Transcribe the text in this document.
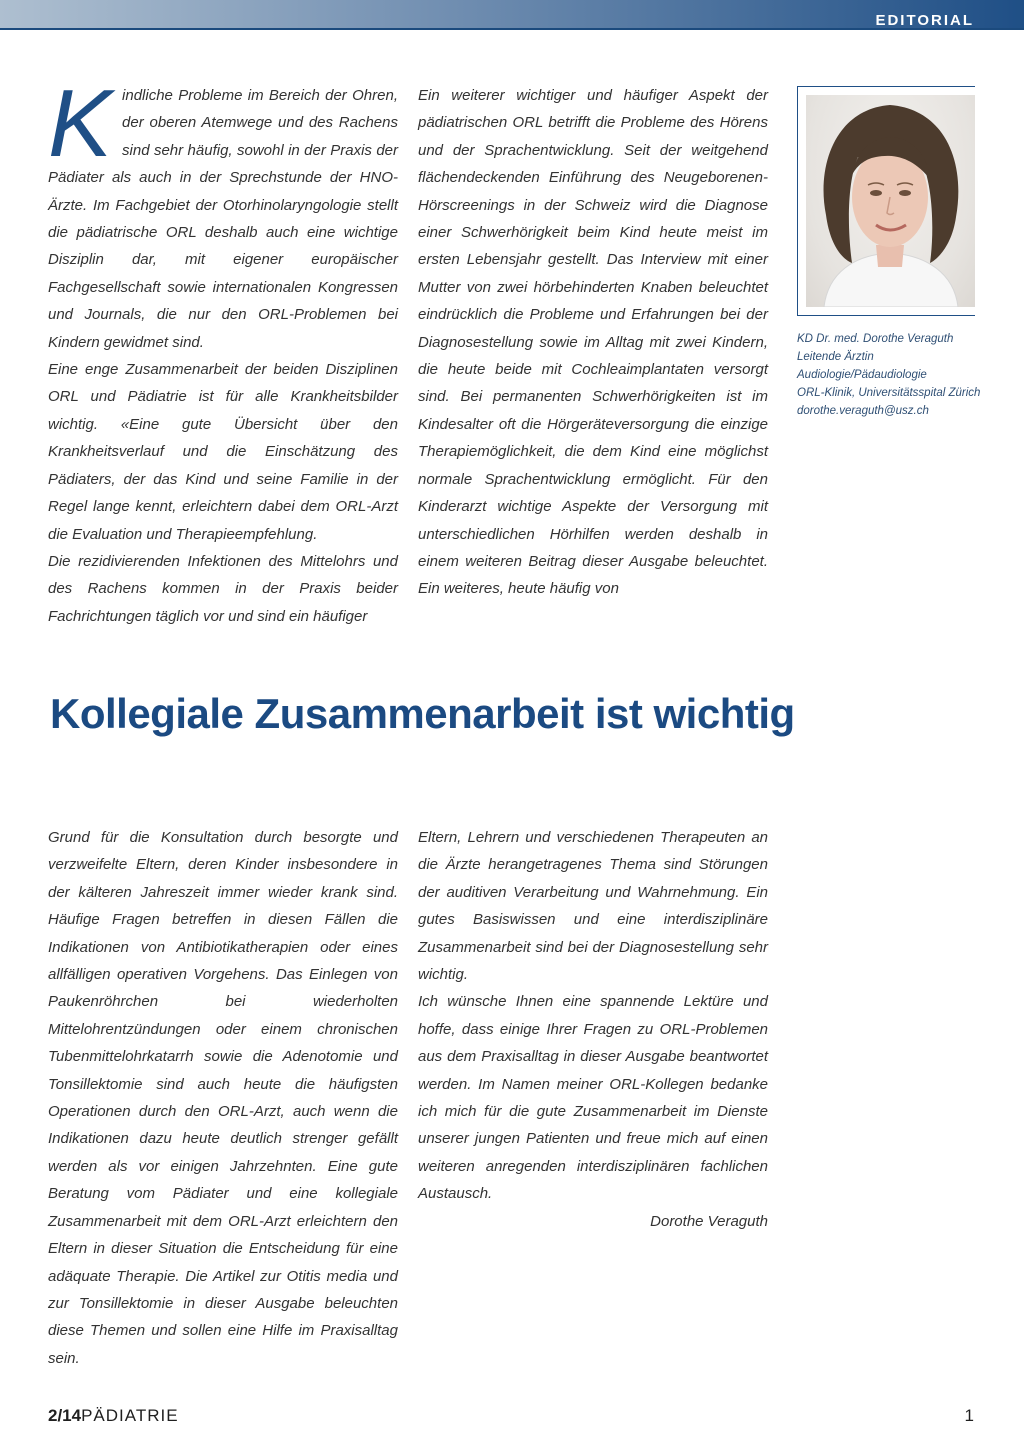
EDITORIAL
K indliche Probleme im Bereich der Ohren, der oberen Atemwege und des Rachens sind sehr häufig, sowohl in der Praxis der Pädiater als auch in der Sprechstunde der HNO-Ärzte. Im Fachgebiet der Otorhinolaryngologie stellt die pädiatrische ORL deshalb auch eine wichtige Disziplin dar, mit eigener europäischer Fachgesellschaft sowie internationalen Kongressen und Journals, die nur den ORL-Problemen bei Kindern gewidmet sind.

Eine enge Zusammenarbeit der beiden Disziplinen ORL und Pädiatrie ist für alle Krankheitsbilder wichtig. «Eine gute Übersicht über den Krankheitsverlauf und die Einschätzung des Pädiaters, der das Kind und seine Familie in der Regel lange kennt, erleichtern dabei dem ORL-Arzt die Evaluation und Therapieempfehlung.

Die rezidivierenden Infektionen des Mittelohrs und des Rachens kommen in der Praxis beider Fachrichtungen täglich vor und sind ein häufiger

Ein weiterer wichtiger und häufiger Aspekt der pädiatrischen ORL betrifft die Probleme des Hörens und der Sprachentwicklung. Seit der weitgehend flächendeckenden Einführung des Neugeborenen-Hörscreenings in der Schweiz wird die Diagnose einer Schwerhörigkeit beim Kind heute meist im ersten Lebensjahr gestellt. Das Interview mit einer Mutter von zwei hörbehinderten Knaben beleuchtet eindrücklich die Probleme und Erfahrungen bei der Diagnosestellung sowie im Alltag mit zwei Kindern, die heute beide mit Cochleaimplantaten versorgt sind. Bei permanenten Schwerhörigkeiten ist im Kindesalter oft die Hörgeräteversorgung die einzige Therapiemöglichkeit, die dem Kind eine möglichst normale Sprachentwicklung ermöglicht. Für den Kinderarzt wichtige Aspekte der Versorgung mit unterschiedlichen Hörhilfen werden deshalb in einem weiteren Beitrag dieser Ausgabe beleuchtet. Ein weiteres, heute häufig von

KD Dr. med. Dorothe Veraguth
Leitende Ärztin
Audiologie/Pädaudiologie
ORL-Klinik, Universitätsspital Zürich
dorothe.veraguth@usz.ch
Kollegiale Zusammenarbeit ist wichtig

Grund für die Konsultation durch besorgte und verzweifelte Eltern, deren Kinder insbesondere in der kälteren Jahreszeit immer wieder krank sind. Häufige Fragen betreffen in diesen Fällen die Indikationen von Antibiotikatherapien oder eines allfälligen operativen Vorgehens. Das Einlegen von Paukenröhrchen bei wiederholten Mittelohrentzündungen oder einem chronischen Tubenmittelohrkatarrh sowie die Adenotomie und Tonsillektomie sind auch heute die häufigsten Operationen durch den ORL-Arzt, auch wenn die Indikationen dazu heute deutlich strenger gefällt werden als vor einigen Jahrzehnten. Eine gute Beratung vom Pädiater und eine kollegiale Zusammenarbeit mit dem ORL-Arzt erleichtern den Eltern in dieser Situation die Entscheidung für eine adäquate Therapie. Die Artikel zur Otitis media und zur Tonsillektomie in dieser Ausgabe beleuchten diese Themen und sollen eine Hilfe im Praxisalltag sein.

Eltern, Lehrern und verschiedenen Therapeuten an die Ärzte herangetragenes Thema sind Störungen der auditiven Verarbeitung und Wahrnehmung. Ein gutes Basiswissen und eine interdisziplinäre Zusammenarbeit sind bei der Diagnosestellung sehr wichtig.

Ich wünsche Ihnen eine spannende Lektüre und hoffe, dass einige Ihrer Fragen zu ORL-Problemen aus dem Praxisalltag in dieser Ausgabe beantwortet werden. Im Namen meiner ORL-Kollegen bedanke ich mich für die gute Zusammenarbeit im Dienste unserer jungen Patienten und freue mich auf einen weiteren anregenden interdisziplinären fachlichen Austausch.

Dorothe Veraguth

2/14PÄDIATRIE	1
